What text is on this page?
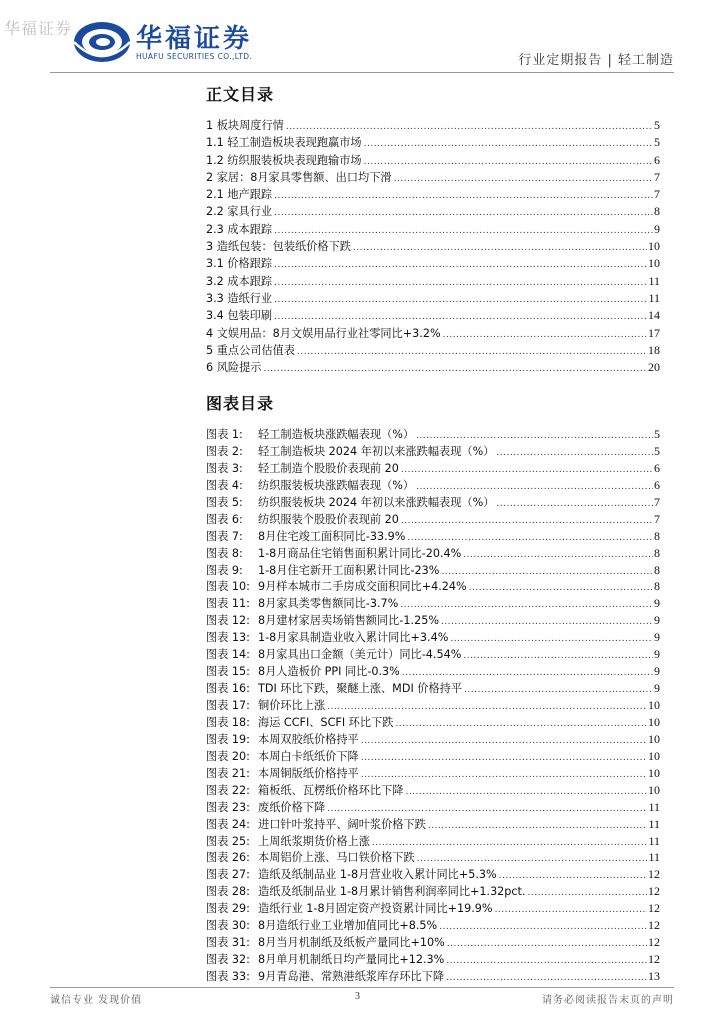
华福证券 华福证券
HUAFU SECURITIES CO.,LTD.	行业定期报告 | 轻工制造
正文目录
1 板块周度行情 .....	5
1.1 轻工制造板块表现跑赢市场 .....	5
1.2 纺织服装板块表现跑输市场 .....	6
2 家居：8月家具零售额、出口均下滑 .....	7
2.1 地产跟踪 .....	7
2.2 家具行业 .....	8
2.3 成本跟踪 .....	9
3 造纸包装：包装纸价格下跌 .....	10
3.1 价格跟踪 .....	10
3.2 成本跟踪 .....	11
3.3 造纸行业 .....	11
3.4 包装印刷 .....	14
4 文娱用品：8月文娱用品行业社零同比+3.2% .....	17
5 重点公司估值表 .....	18
6 风险提示 .....	20
图表目录
图表 1: 轻工制造板块涨跌幅表现（%） .....	5
图表 2: 轻工制造板块 2024 年初以来涨跌幅表现（%） .....	5
图表 3: 轻工制造个股股价表现前 20 .....	6
图表 4: 纺织服装板块涨跌幅表现（%） .....	6
图表 5: 纺织服装板块 2024 年初以来涨跌幅表现（%） .....	7
图表 6: 纺织服装个股股价表现前 20 .....	7
图表 7: 8月住宅竣工面积同比-33.9% .....	8
图表 8: 1-8月商品住宅销售面积累计同比-20.4% .....	8
图表 9: 1-8月住宅新开工面积累计同比-23% .....	8
图表 10: 9月样本城市二手房成交面积同比+4.24% .....	8
图表 11: 8月家具类零售额同比-3.7% .....	9
图表 12: 8月建材家居卖场销售额同比-1.25% .....	9
图表 13: 1-8月家具制造业收入累计同比+3.4% .....	9
图表 14: 8月家具出口金额（美元计）同比-4.54% .....	9
图表 15: 8月人造板价 PPI 同比-0.3% .....	9
图表 16: TDI 环比下跌，聚醚上涨、MDI 价格持平 .....	9
图表 17: 铜价环比上涨 .....	10
图表 18: 海运 CCFI、SCFI 环比下跌 .....	10
图表 19: 本周双胶纸价格持平 .....	10
图表 20: 本周白卡纸纸价下降 .....	10
图表 21: 本周铜版纸价格持平 .....	10
图表 22: 箱板纸、瓦楞纸价格环比下降 .....	10
图表 23: 废纸价格下降 .....	11
图表 24: 进口针叶浆持平、阔叶浆价格下跌 .....	11
图表 25: 上周纸浆期货价格上涨 .....	11
图表 26: 本周铝价上涨、马口铁价格下跌 .....	11
图表 27: 造纸及纸制品业 1-8月营业收入累计同比+5.3% .....	12
图表 28: 造纸及纸制品业 1-8月累计销售利润率同比+1.32pct. .....	12
图表 29: 造纸行业 1-8月固定资产投资累计同比+19.9% .....	12
图表 30: 8月造纸行业工业增加值同比+8.5% .....	12
图表 31: 8月当月机制纸及纸板产量同比+10% .....	12
图表 32: 8月单月机制纸日均产量同比+12.3% .....	12
图表 33: 9月青岛港、常熟港纸浆库存环比下降 .....	13
诚信专业 发现价值	3	请务必阅读报告末页的声明
